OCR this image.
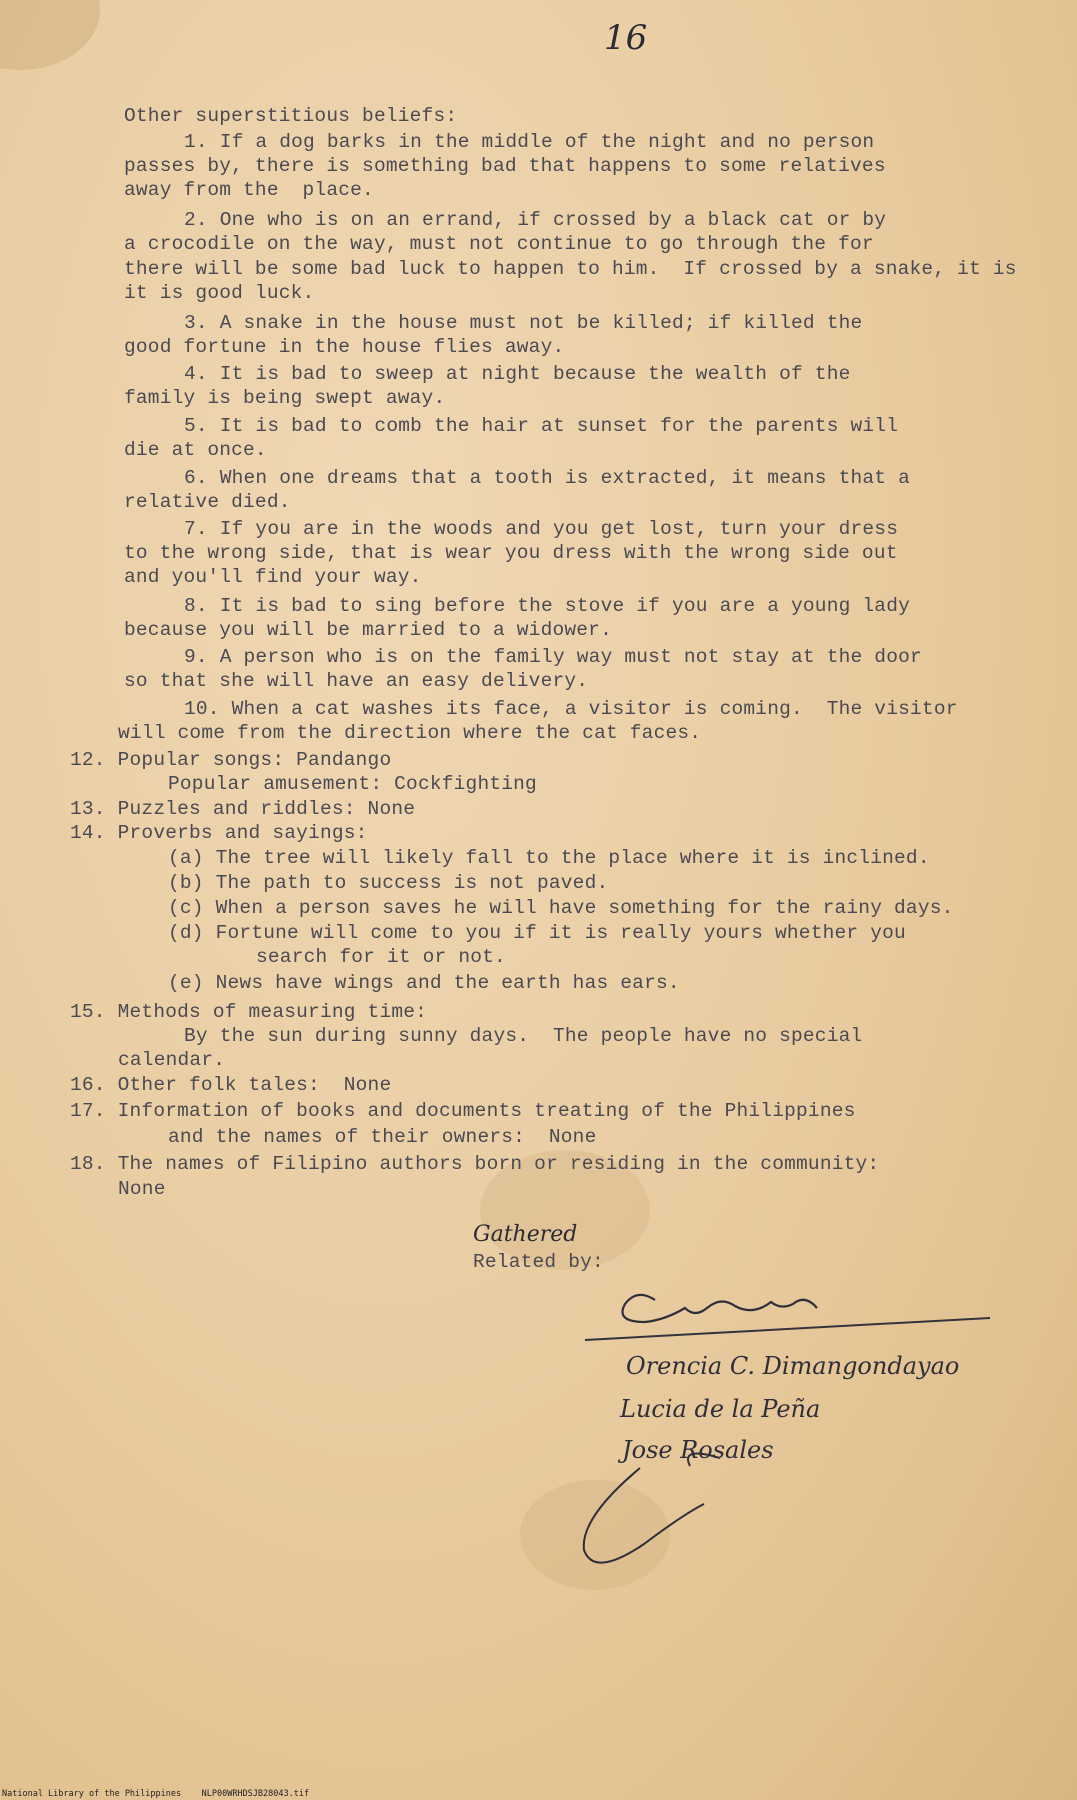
16
Other superstitious beliefs:
1. If a dog barks in the middle of the night and no person
passes by, there is something bad that happens to some relatives
away from the  place.
2. One who is on an errand, if crossed by a black cat or by
a crocodile on the way, must not continue to go through the for
there will be some bad luck to happen to him.  If crossed by a snake, it is
it is good luck.
3. A snake in the house must not be killed; if killed the
good fortune in the house flies away.
4. It is bad to sweep at night because the wealth of the
family is being swept away.
5. It is bad to comb the hair at sunset for the parents will
die at once.
6. When one dreams that a tooth is extracted, it means that a
relative died.
7. If you are in the woods and you get lost, turn your dress
to the wrong side, that is wear you dress with the wrong side out
and you'll find your way.
8. It is bad to sing before the stove if you are a young lady
because you will be married to a widower.
9. A person who is on the family way must not stay at the door
so that she will have an easy delivery.
10. When a cat washes its face, a visitor is coming.  The visitor
will come from the direction where the cat faces.
12. Popular songs: Pandango
Popular amusement: Cockfighting
13. Puzzles and riddles: None
14. Proverbs and sayings:
(a) The tree will likely fall to the place where it is inclined.
(b) The path to success is not paved.
(c) When a person saves he will have something for the rainy days.
(d) Fortune will come to you if it is really yours whether you
search for it or not.
(e) News have wings and the earth has ears.
15. Methods of measuring time:
By the sun during sunny days.  The people have no special
calendar.
16. Other folk tales:  None
17. Information of books and documents treating of the Philippines
and the names of their owners:  None
18. The names of Filipino authors born or residing in the community:
None
Gathered
Related by:
Orencia C. Dimangondayao
Lucia de la Peña
Jose Rosales
National Library of the Philippines NLP00WRHDSJB28043.tif
